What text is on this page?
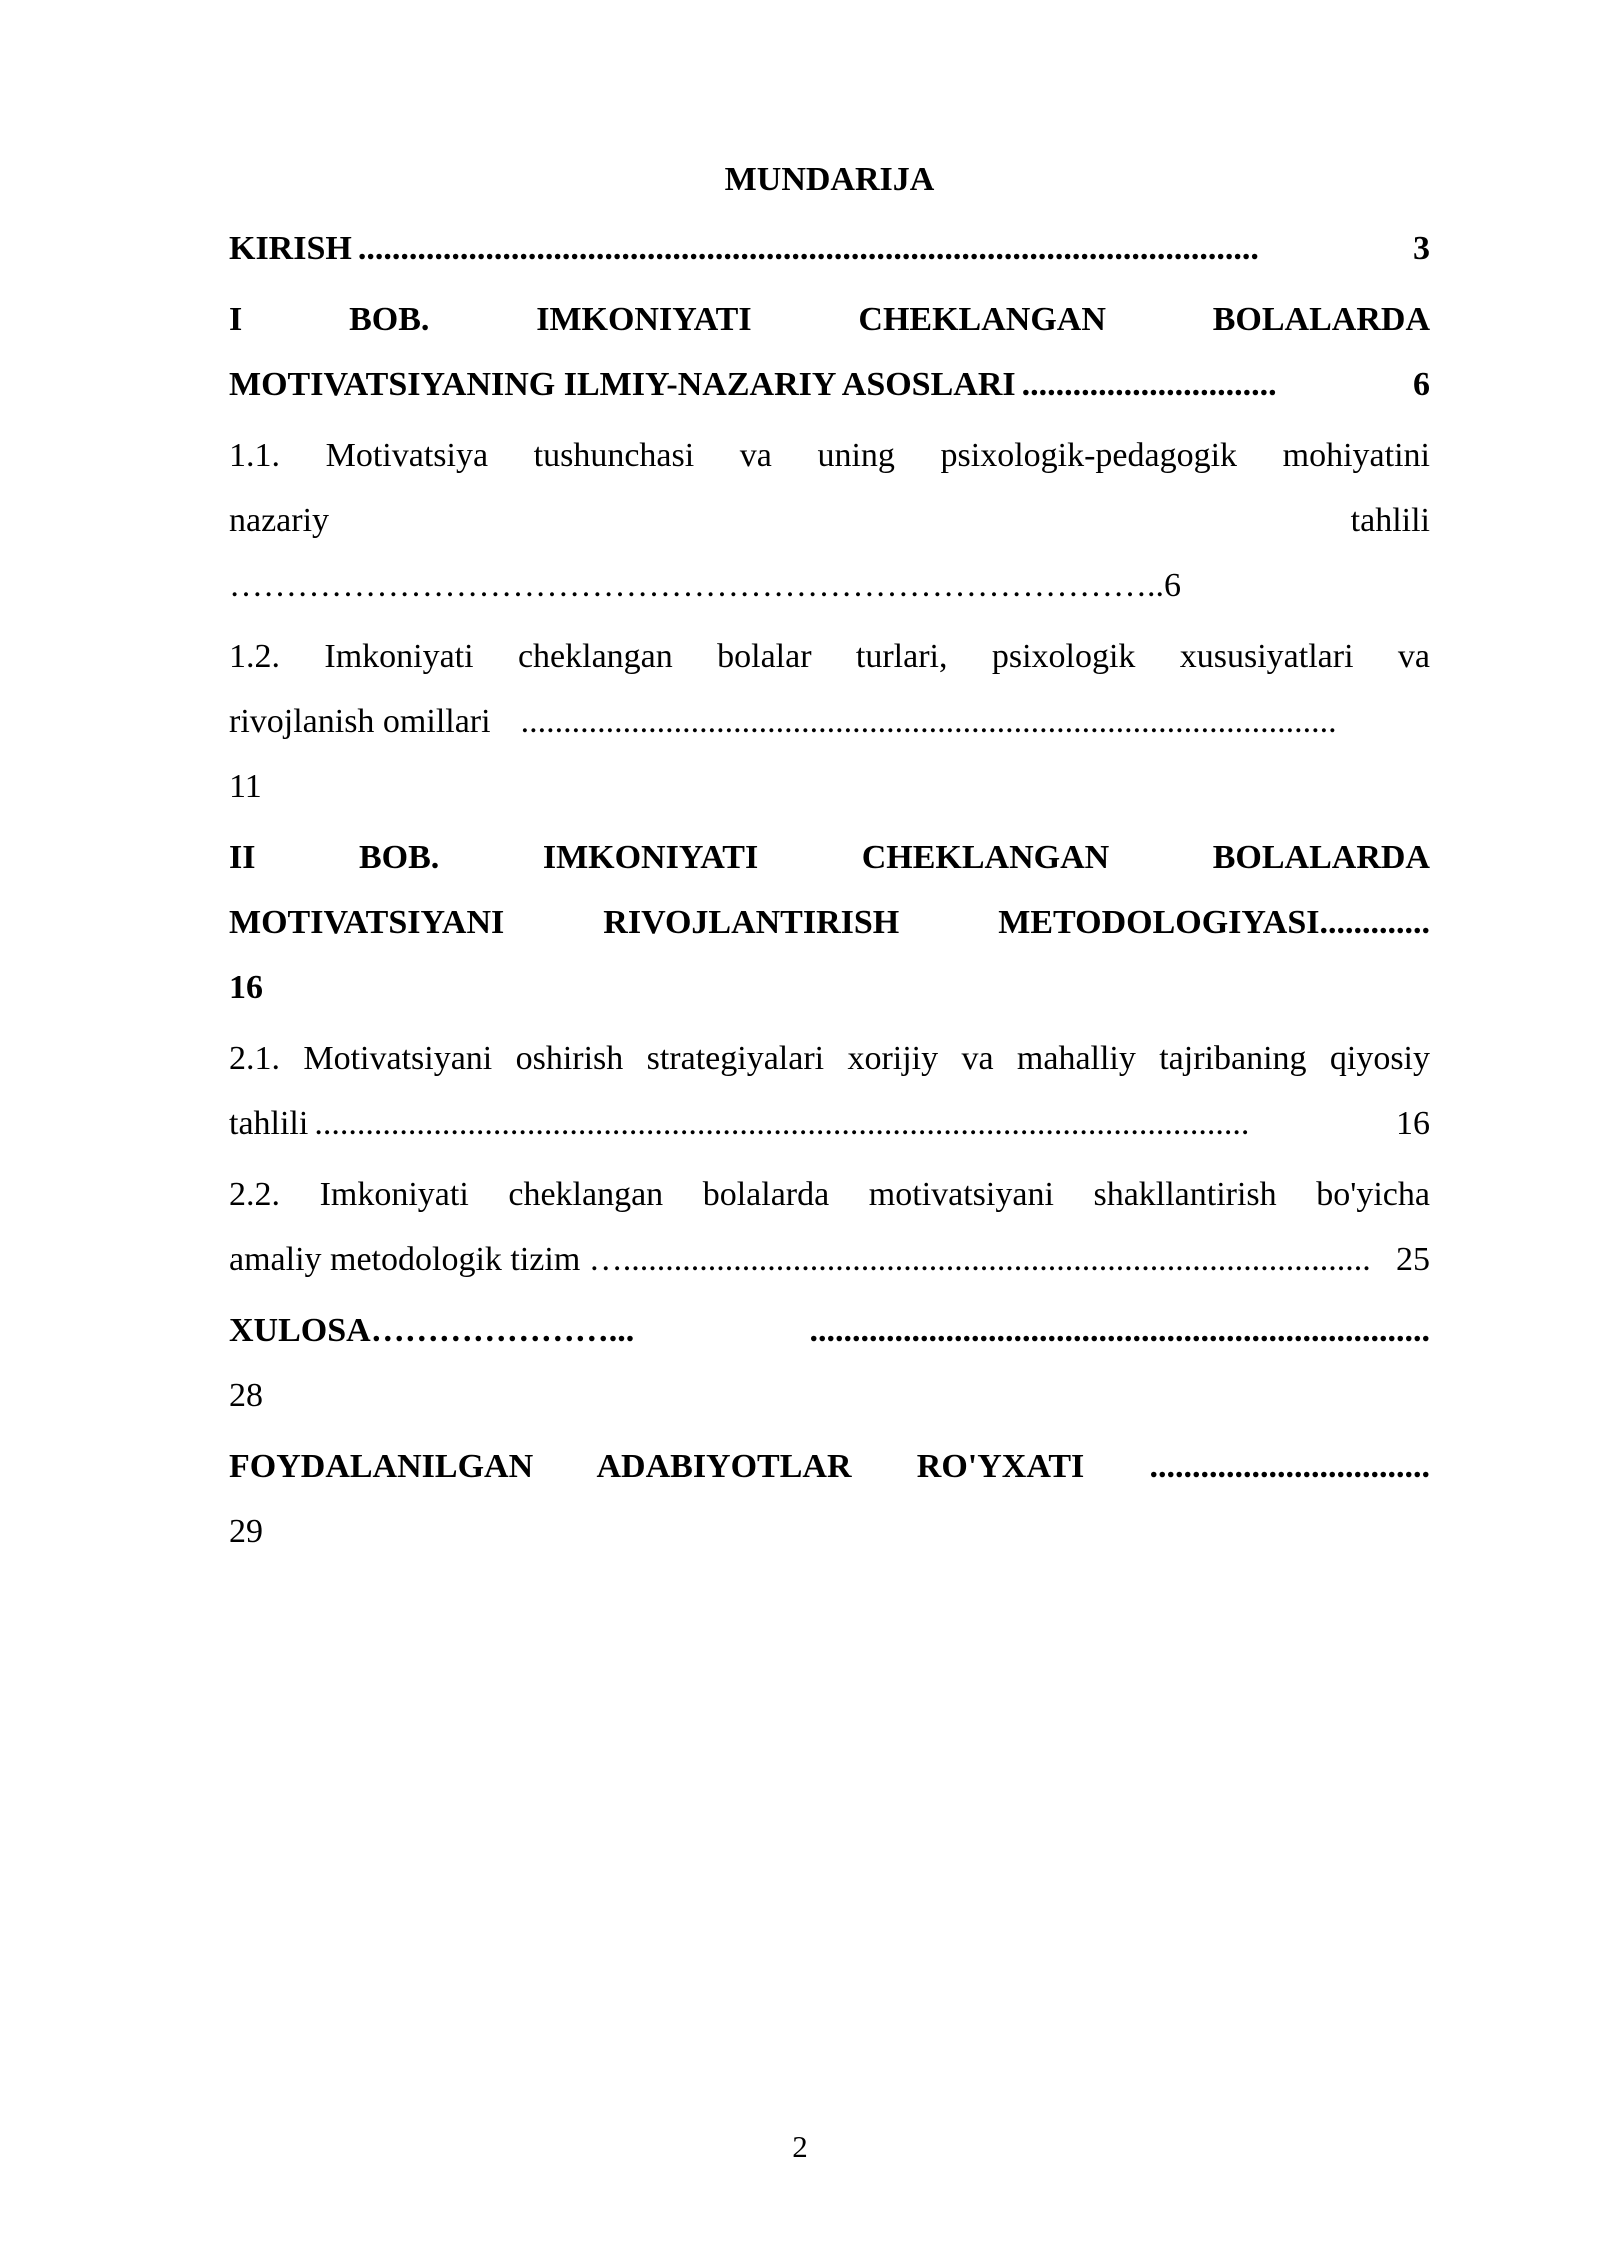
MUNDARIJA
KIRISH ..........................................................................................................	3
I BOB. IMKONIYATI CHEKLANGAN BOLALARDA
MOTIVATSIYANING ILMIY-NAZARIY ASOSLARI ..............................	6
1.1. Motivatsiya tushunchasi va uning psixologik-pedagogik mohiyatini
nazariy tahlili
………………………………………………………………………..6
1.2. Imkoniyati cheklangan bolalar turlari, psixologik xususiyatlari va
rivojlanish omillari ................................................................................................
11
II BOB. IMKONIYATI CHEKLANGAN BOLALARDA
MOTIVATSIYANI RIVOJLANTIRISH METODOLOGIYASI.............
16
2.1. Motivatsiyani oshirish strategiyalari xorijiy va mahalliy tajribaning qiyosiy
tahlili ..............................................................................................................	16
2.2. Imkoniyati cheklangan bolalarda motivatsiyani shakllantirish bo'yicha
amaliy metodologik tizim … ........................................................................................ 25
XULOSA…………………... .........................................................................
28
FOYDALANILGAN ADABIYOTLAR RO'YXATI .................................
29
2
